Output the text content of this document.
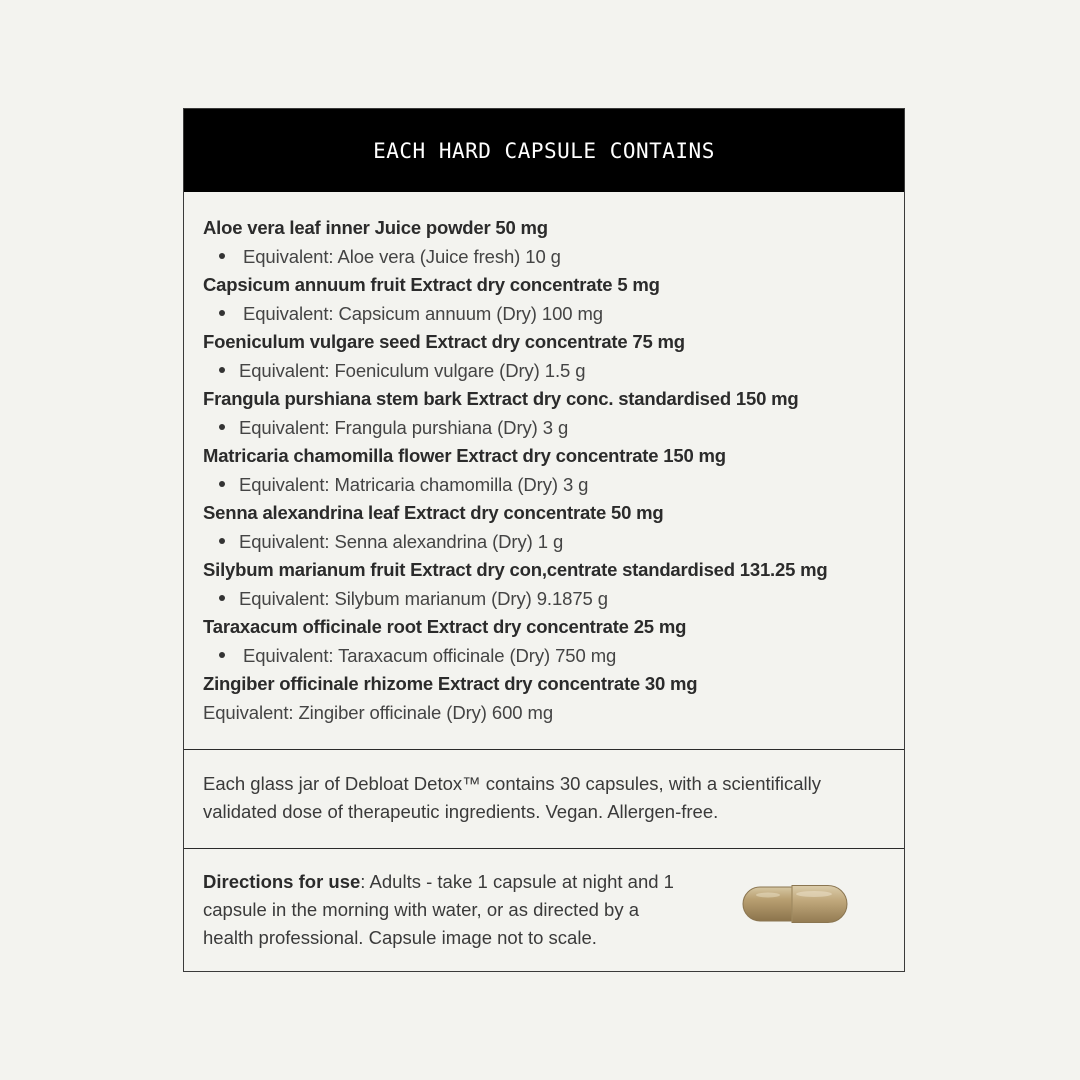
EACH HARD CAPSULE CONTAINS
Aloe vera leaf inner Juice powder 50 mg
Equivalent: Aloe vera (Juice fresh) 10 g
Capsicum annuum fruit Extract dry concentrate 5 mg
Equivalent: Capsicum annuum (Dry) 100 mg
Foeniculum vulgare seed Extract dry concentrate 75 mg
Equivalent: Foeniculum vulgare (Dry) 1.5 g
Frangula purshiana stem bark Extract dry conc. standardised 150 mg
Equivalent: Frangula purshiana (Dry) 3 g
Matricaria chamomilla flower Extract dry concentrate 150 mg
Equivalent: Matricaria chamomilla (Dry) 3 g
Senna alexandrina leaf Extract dry concentrate 50 mg
Equivalent: Senna alexandrina (Dry) 1 g
Silybum marianum fruit Extract dry con,centrate standardised 131.25 mg
Equivalent: Silybum marianum (Dry) 9.1875 g
Taraxacum officinale root Extract dry concentrate 25 mg
Equivalent: Taraxacum officinale (Dry) 750 mg
Zingiber officinale rhizome Extract dry concentrate 30 mg
Equivalent: Zingiber officinale (Dry) 600 mg
Each glass jar of Debloat Detox™ contains 30 capsules, with a scientifically validated dose of therapeutic ingredients. Vegan. Allergen-free.
Directions for use: Adults - take 1 capsule at night and 1 capsule in the morning with water, or as directed by a health professional. Capsule image not to scale.
